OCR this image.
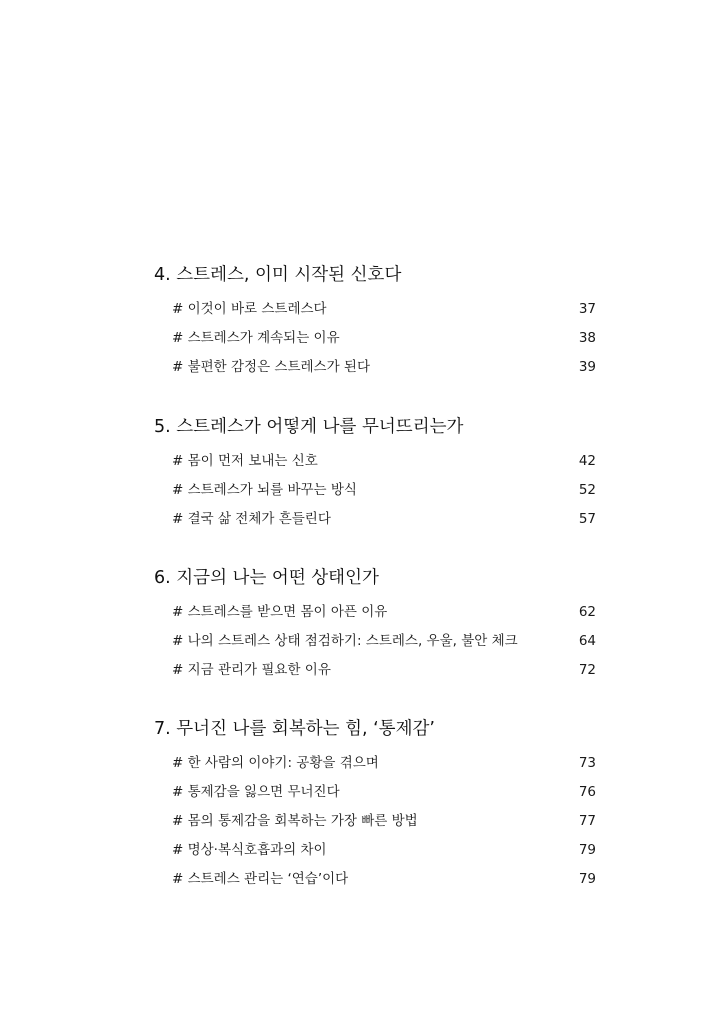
4. 스트레스, 이미 시작된 신호다
# 이것이 바로 스트레스다	37
# 스트레스가 계속되는 이유	38
# 불편한 감정은 스트레스가 된다	39
5. 스트레스가 어떻게 나를 무너뜨리는가
# 몸이 먼저 보내는 신호	42
# 스트레스가 뇌를 바꾸는 방식	52
# 결국 삶 전체가 흔들린다	57
6. 지금의 나는 어떤 상태인가
# 스트레스를 받으면 몸이 아픈 이유	62
# 나의 스트레스 상태 점검하기: 스트레스, 우울, 불안 체크	64
# 지금 관리가 필요한 이유	72
7. 무너진 나를 회복하는 힘, ‘통제감’
# 한 사람의 이야기: 공황을 겪으며	73
# 통제감을 잃으면 무너진다	76
# 몸의 통제감을 회복하는 가장 빠른 방법	77
# 명상·복식호흡과의 차이	79
# 스트레스 관리는 ‘연습’이다	79
